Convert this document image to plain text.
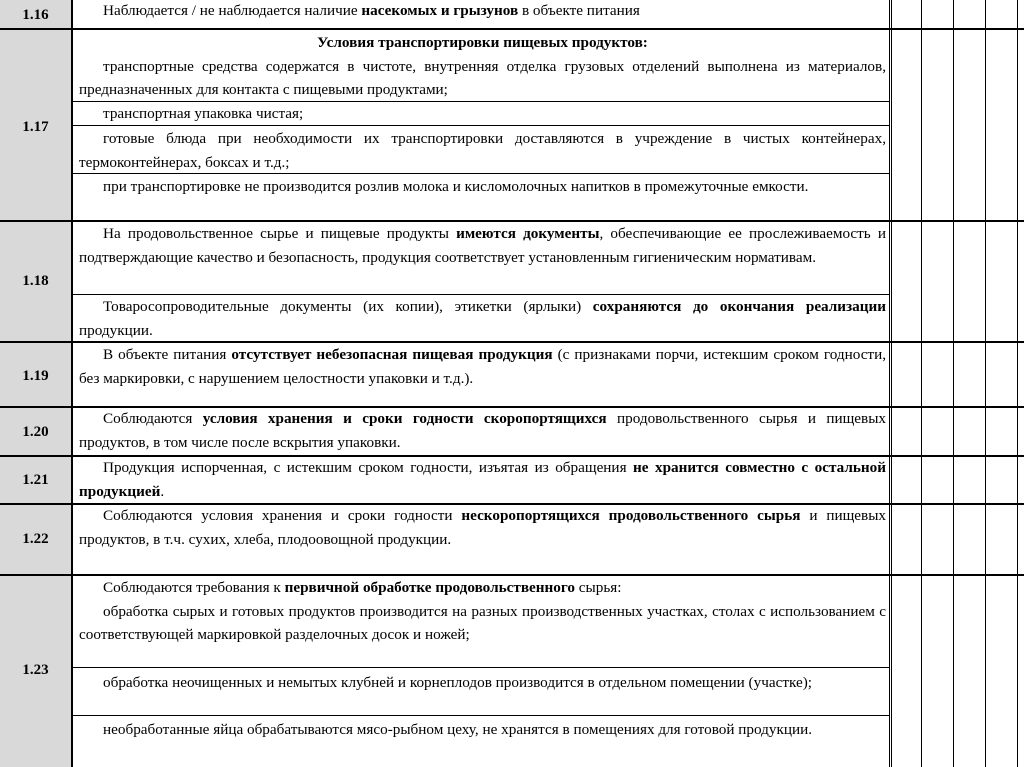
1.16	Наблюдается / не наблюдается наличие насекомых и грызунов в объекте питания

1.17

Условия транспортировки пищевых продуктов:

транспортные средства содержатся в чистоте, внутренняя отделка грузовых отделений выполнена из материалов, предназначенных для контакта с пищевыми продуктами;

транспортная упаковка чистая;

готовые блюда при необходимости их транспортировки доставляются в учреждение в чистых контейнерах, термоконтейнерах, боксах и т.д.;

при транспортировке не производится розлив молока и кисломолочных напитков в промежуточные емкости.

1.18

На продовольственное сырье и пищевые продукты имеются документы, обеспечивающие ее прослеживаемость и подтверждающие качество и безопасность, продукция соответствует установленным гигиеническим нормативам.

Товаросопроводительные документы (их копии), этикетки (ярлыки) сохраняются до окончания реализации продукции.

1.19

В объекте питания отсутствует небезопасная пищевая продукция (с признаками порчи, истекшим сроком годности, без маркировки, с нарушением целостности упаковки и т.д.).

1.20

Соблюдаются условия хранения и сроки годности скоропортящихся продовольственного сырья и пищевых продуктов, в том числе после вскрытия упаковки.

1.21

Продукция испорченная, с истекшим сроком годности, изъятая из обращения не хранится совместно с остальной продукцией.

1.22

Соблюдаются условия хранения и сроки годности нескоропортящихся продовольственного сырья и пищевых продуктов, в т.ч. сухих, хлеба, плодоовощной продукции.

1.23

Соблюдаются требования к первичной обработке продовольственного сырья:

обработка сырых и готовых продуктов производится на разных производственных участках, столах с использованием с соответствующей маркировкой разделочных досок и ножей;

обработка неочищенных и немытых клубней и корнеплодов производится в отдельном помещении (участке);

необработанные яйца обрабатываются мясо-рыбном цеху, не хранятся в помещениях для готовой продукции.
